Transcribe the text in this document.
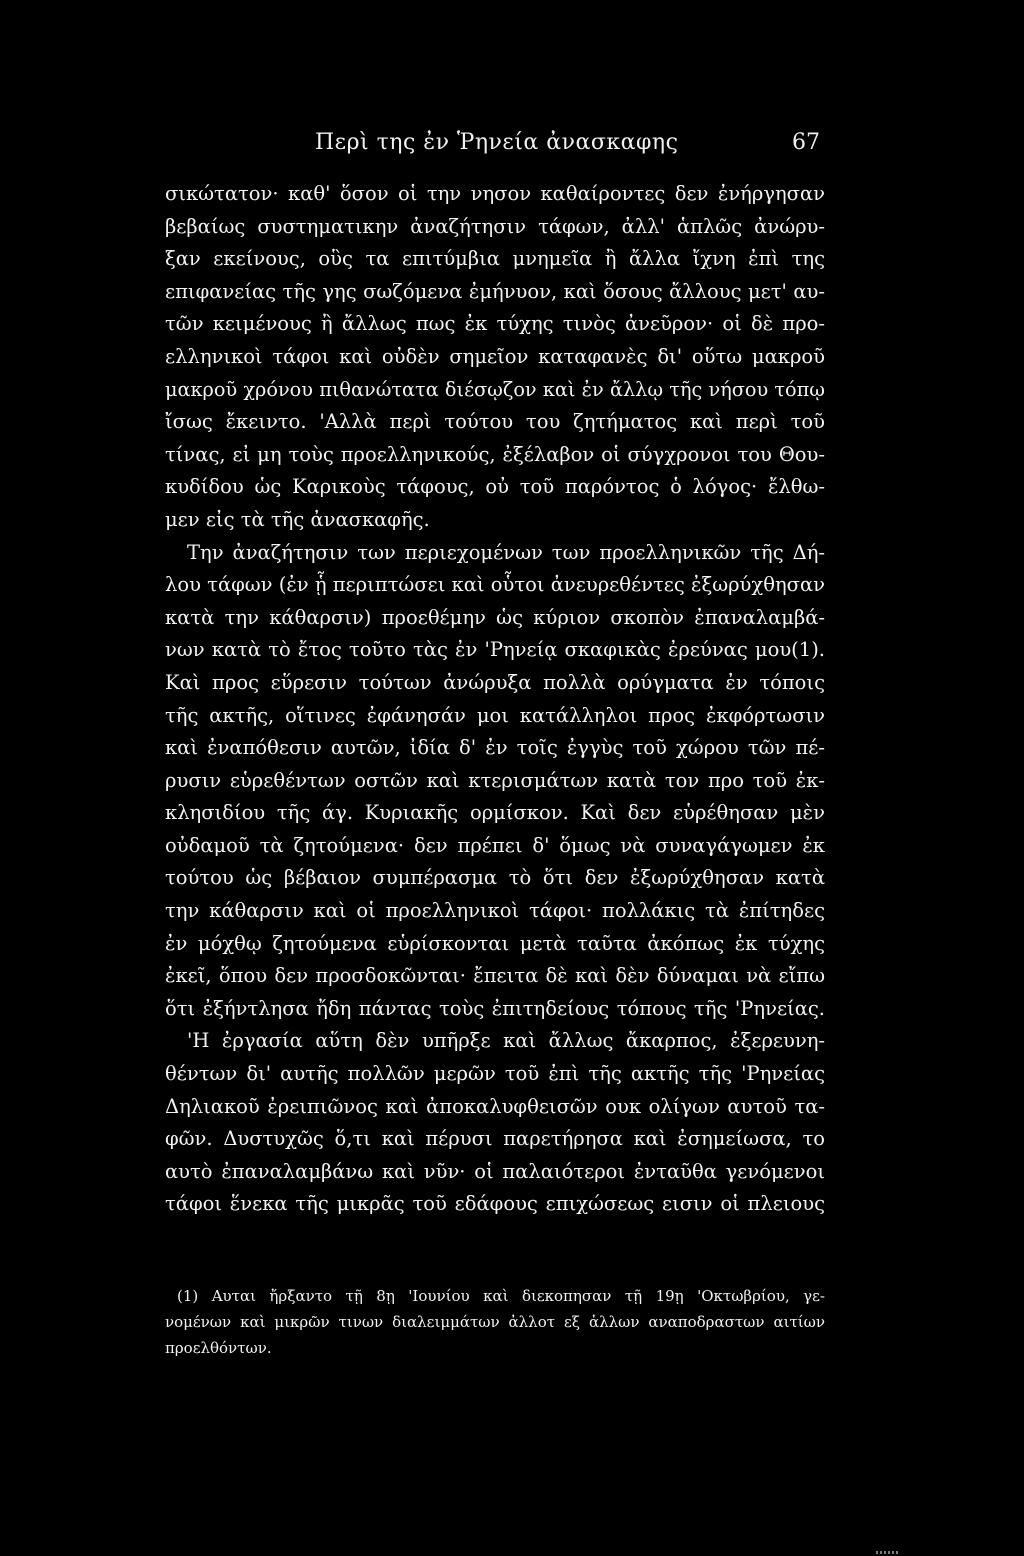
Περὶ της ἐν Ῥηνεία ἀνασκαφης	67
σικώτατον· καθ' ὅσον οἱ την νησον καθαίροντες δεν ἐνήργησαν
βεβαίως συστηματικην ἀναζήτησιν τάφων, ἀλλ' ἁπλῶς ἀνώρυ-
ξαν εκείνους, οὓς τα επιτύμβια μνημεῖα ἢ ἄλλα ἴχνη ἐπὶ της
επιφανείας τῆς γης σωζόμενα ἐμήνυον, καὶ ὅσους ἄλλους μετ' αυ-
τῶν κειμένους ἢ ἄλλως πως ἐκ τύχης τινὸς ἀνεῦρον· οἱ δὲ προ-
ελληνικοὶ τάφοι καὶ οὐδὲν σημεῖον καταφανὲς δι' οὕτω μακροῦ
μακροῦ χρόνου πιθανώτατα διέσῳζον καὶ ἐν ἄλλῳ τῆς νήσου τόπῳ
ἴσως ἔκειντο. 'Αλλὰ περὶ τούτου του ζητήματος καὶ περὶ τοῦ
τίνας, εἰ μη τοὺς προελληνικούς, ἐξέλαβον οἱ σύγχρονοι του Θου-
κυδίδου ὡς Καρικοὺς τάφους, οὐ τοῦ παρόντος ὁ λόγος· ἔλθω-
μεν εἰς τὰ τῆς ἀνασκαφῆς.
Την ἀναζήτησιν των περιεχομένων των προελληνικῶν τῆς Δή-
λου τάφων (ἐν ᾗ περιπτώσει καὶ οὗτοι ἀνευρεθέντες ἐξωρύχθησαν
κατὰ την κάθαρσιν) προεθέμην ὡς κύριον σκοπὸν ἐπαναλαμβά-
νων κατὰ τὸ ἔτος τοῦτο τὰς ἐν 'Ρηνείᾳ σκαφικὰς ἐρεύνας μου(1).
Καὶ προς εὕρεσιν τούτων ἀνώρυξα πολλὰ ορύγματα ἐν τόποις
τῆς ακτῆς, οἵτινες ἐφάνησάν μοι κατάλληλοι προς ἐκφόρτωσιν
καὶ ἐναπόθεσιν αυτῶν, ἰδία δ' ἐν τοῖς ἐγγὺς τοῦ χώρου τῶν πέ-
ρυσιν εὑρεθέντων οστῶν καὶ κτερισμάτων κατὰ τον προ τοῦ ἐκ-
κλησιδίου τῆς άγ. Κυριακῆς ορμίσκον. Καὶ δεν εὑρέθησαν μὲν
οὐδαμοῦ τὰ ζητούμενα· δεν πρέπει δ' ὅμως νὰ συναγάγωμεν ἐκ
τούτου ὡς βέβαιον συμπέρασμα τὸ ὅτι δεν ἐξωρύχθησαν κατὰ
την κάθαρσιν καὶ οἱ προελληνικοὶ τάφοι· πολλάκις τὰ ἐπίτηδες
ἐν μόχθῳ ζητούμενα εὑρίσκονται μετὰ ταῦτα ἀκόπως ἐκ τύχης
ἐκεῖ, ὅπου δεν προσδοκῶνται· ἔπειτα δὲ καὶ δὲν δύναμαι νὰ εἴπω
ὅτι ἐξήντλησα ἤδη πάντας τοὺς ἐπιτηδείους τόπους τῆς 'Ρηνείας.
'Η ἐργασία αὕτη δὲν υπῆρξε καὶ ἄλλως ἄκαρπος, ἐξερευνη-
θέντων δι' αυτῆς πολλῶν μερῶν τοῦ ἐπὶ τῆς ακτῆς τῆς 'Ρηνείας
Δηλιακοῦ ἐρειπιῶνος καὶ ἀποκαλυφθεισῶν ουκ ολίγων αυτοῦ τα-
φῶν. Δυστυχῶς ὅ,τι καὶ πέρυσι παρετήρησα καὶ ἐσημείωσα, το
αυτὸ ἐπαναλαμβάνω καὶ νῦν· οἱ παλαιότεροι ἐνταῦθα γενόμενοι
τάφοι ἕνεκα τῆς μικρᾶς τοῦ εδάφους επιχώσεως εισιν οἱ πλειους
(1) Αυται ἤρξαντο τῇ 8ῃ 'Ιουνίου καὶ διεκοπησαν τῇ 19ῃ 'Οκτωβρίου, γε-
νομένων καὶ μικρῶν τινων διαλειμμάτων ἀλλοτ εξ ἀλλων αναποδραστων αιτίων
προελθόντων.
